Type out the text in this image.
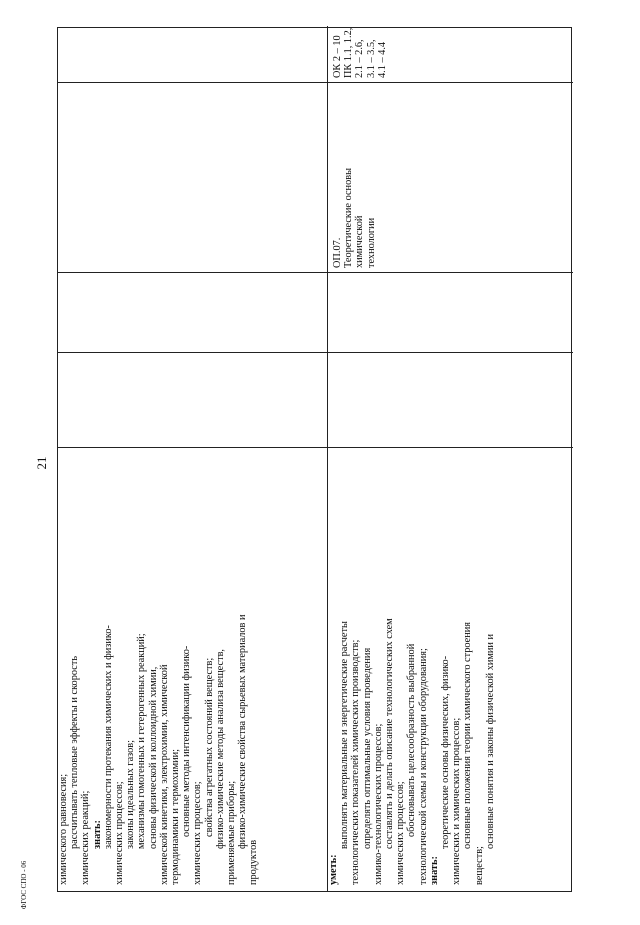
21
ФГОС СПО - 06
химического равновесия; рассчитывать тепловые эффекты и скорость химических реакций; знать: закономерности протекания химических и физико- химических процессов; законы идеальных газов; механизмы гомогенных и гетерогенных реакций; основы физической и коллоидной химии, химической кинетики, электрохимии, химической термодинамики и термохимии; основные методы интенсификации физико- химических процессов; свойства агрегатных состояний веществ; физико-химические методы анализа веществ, применяемые приборы; физико-химические свойства сырьевых материалов и
продуктов	уметь:
выполнять материальные и энергетические расчеты технологических показателей химических производств; определять оптимальные условия проведения химико-технологических процессов; составлять и делать описание технологических схем химических процессов; обосновывать целесообразность выбранной технологической схемы и конструкции оборудования; знать:
теоретические основы физических, физико- химических и химических процессов; основные положения теории химического строения
веществ;
основные понятия и законы физической химии и
ОП.07. Теоретические основы химической технологии
ОК 2 – 10 ПК 1.1, 1.2, 2.1 – 2.6, 3.1 – 3.5, 4.1 – 4.4
